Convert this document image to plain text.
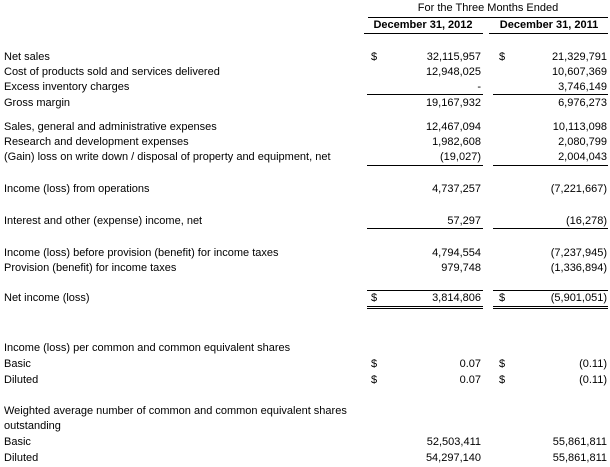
For the Three Months Ended
December 31, 2012	December 31, 2011
Net sales	$	32,115,957 $	21,329,791
Cost of products sold and services delivered	12,948,025	10,607,369
Excess inventory charges	-	3,746,149
Gross margin	19,167,932	6,976,273
Sales, general and administrative expenses	12,467,094	10,113,098
Research and development expenses	1,982,608	2,080,799
(Gain) loss on write down / disposal of property and equipment, net	(19,027)	2,004,043
Income (loss) from operations	4,737,257	(7,221,667)
Interest and other (expense) income, net	57,297	(16,278)
Income (loss) before provision (benefit) for income taxes	4,794,554	(7,237,945)
Provision (benefit) for income taxes	979,748	(1,336,894)
Net income (loss)	$	3,814,806 $	(5,901,051)
Income (loss) per common and common equivalent shares
Basic	$	0.07 $	(0.11)
Diluted	$	0.07 $	(0.11)
Weighted average number of common and common equivalent shares
outstanding
Basic	52,503,411	55,861,811
Diluted	54,297,140	55,861,811
